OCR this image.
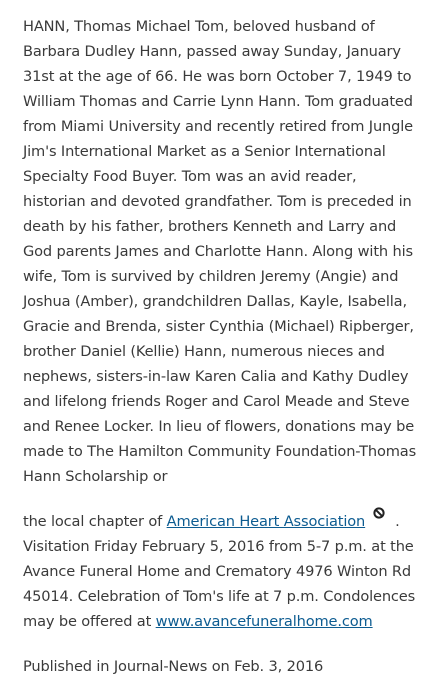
HANN, Thomas Michael Tom, beloved husband of Barbara Dudley Hann, passed away Sunday, January 31st at the age of 66. He was born October 7, 1949 to William Thomas and Carrie Lynn Hann. Tom graduated from Miami University and recently retired from Jungle Jim's International Market as a Senior International Specialty Food Buyer. Tom was an avid reader, historian and devoted grandfather. Tom is preceded in death by his father, brothers Kenneth and Larry and God parents James and Charlotte Hann. Along with his wife, Tom is survived by children Jeremy (Angie) and Joshua (Amber), grandchildren Dallas, Kayle, Isabella, Gracie and Brenda, sister Cynthia (Michael) Ripberger, brother Daniel (Kellie) Hann, numerous nieces and nephews, sisters-in-law Karen Calia and Kathy Dudley and lifelong friends Roger and Carol Meade and Steve and Renee Locker. In lieu of flowers, donations may be made to The Hamilton Community Foundation-Thomas Hann Scholarship or
the local chapter of American Heart Association . Visitation Friday February 5, 2016 from 5-7 p.m. at the Avance Funeral Home and Crematory 4976 Winton Rd 45014. Celebration of Tom's life at 7 p.m. Condolences may be offered at www.avancefuneralhome.com

Published in Journal-News on Feb. 3, 2016
